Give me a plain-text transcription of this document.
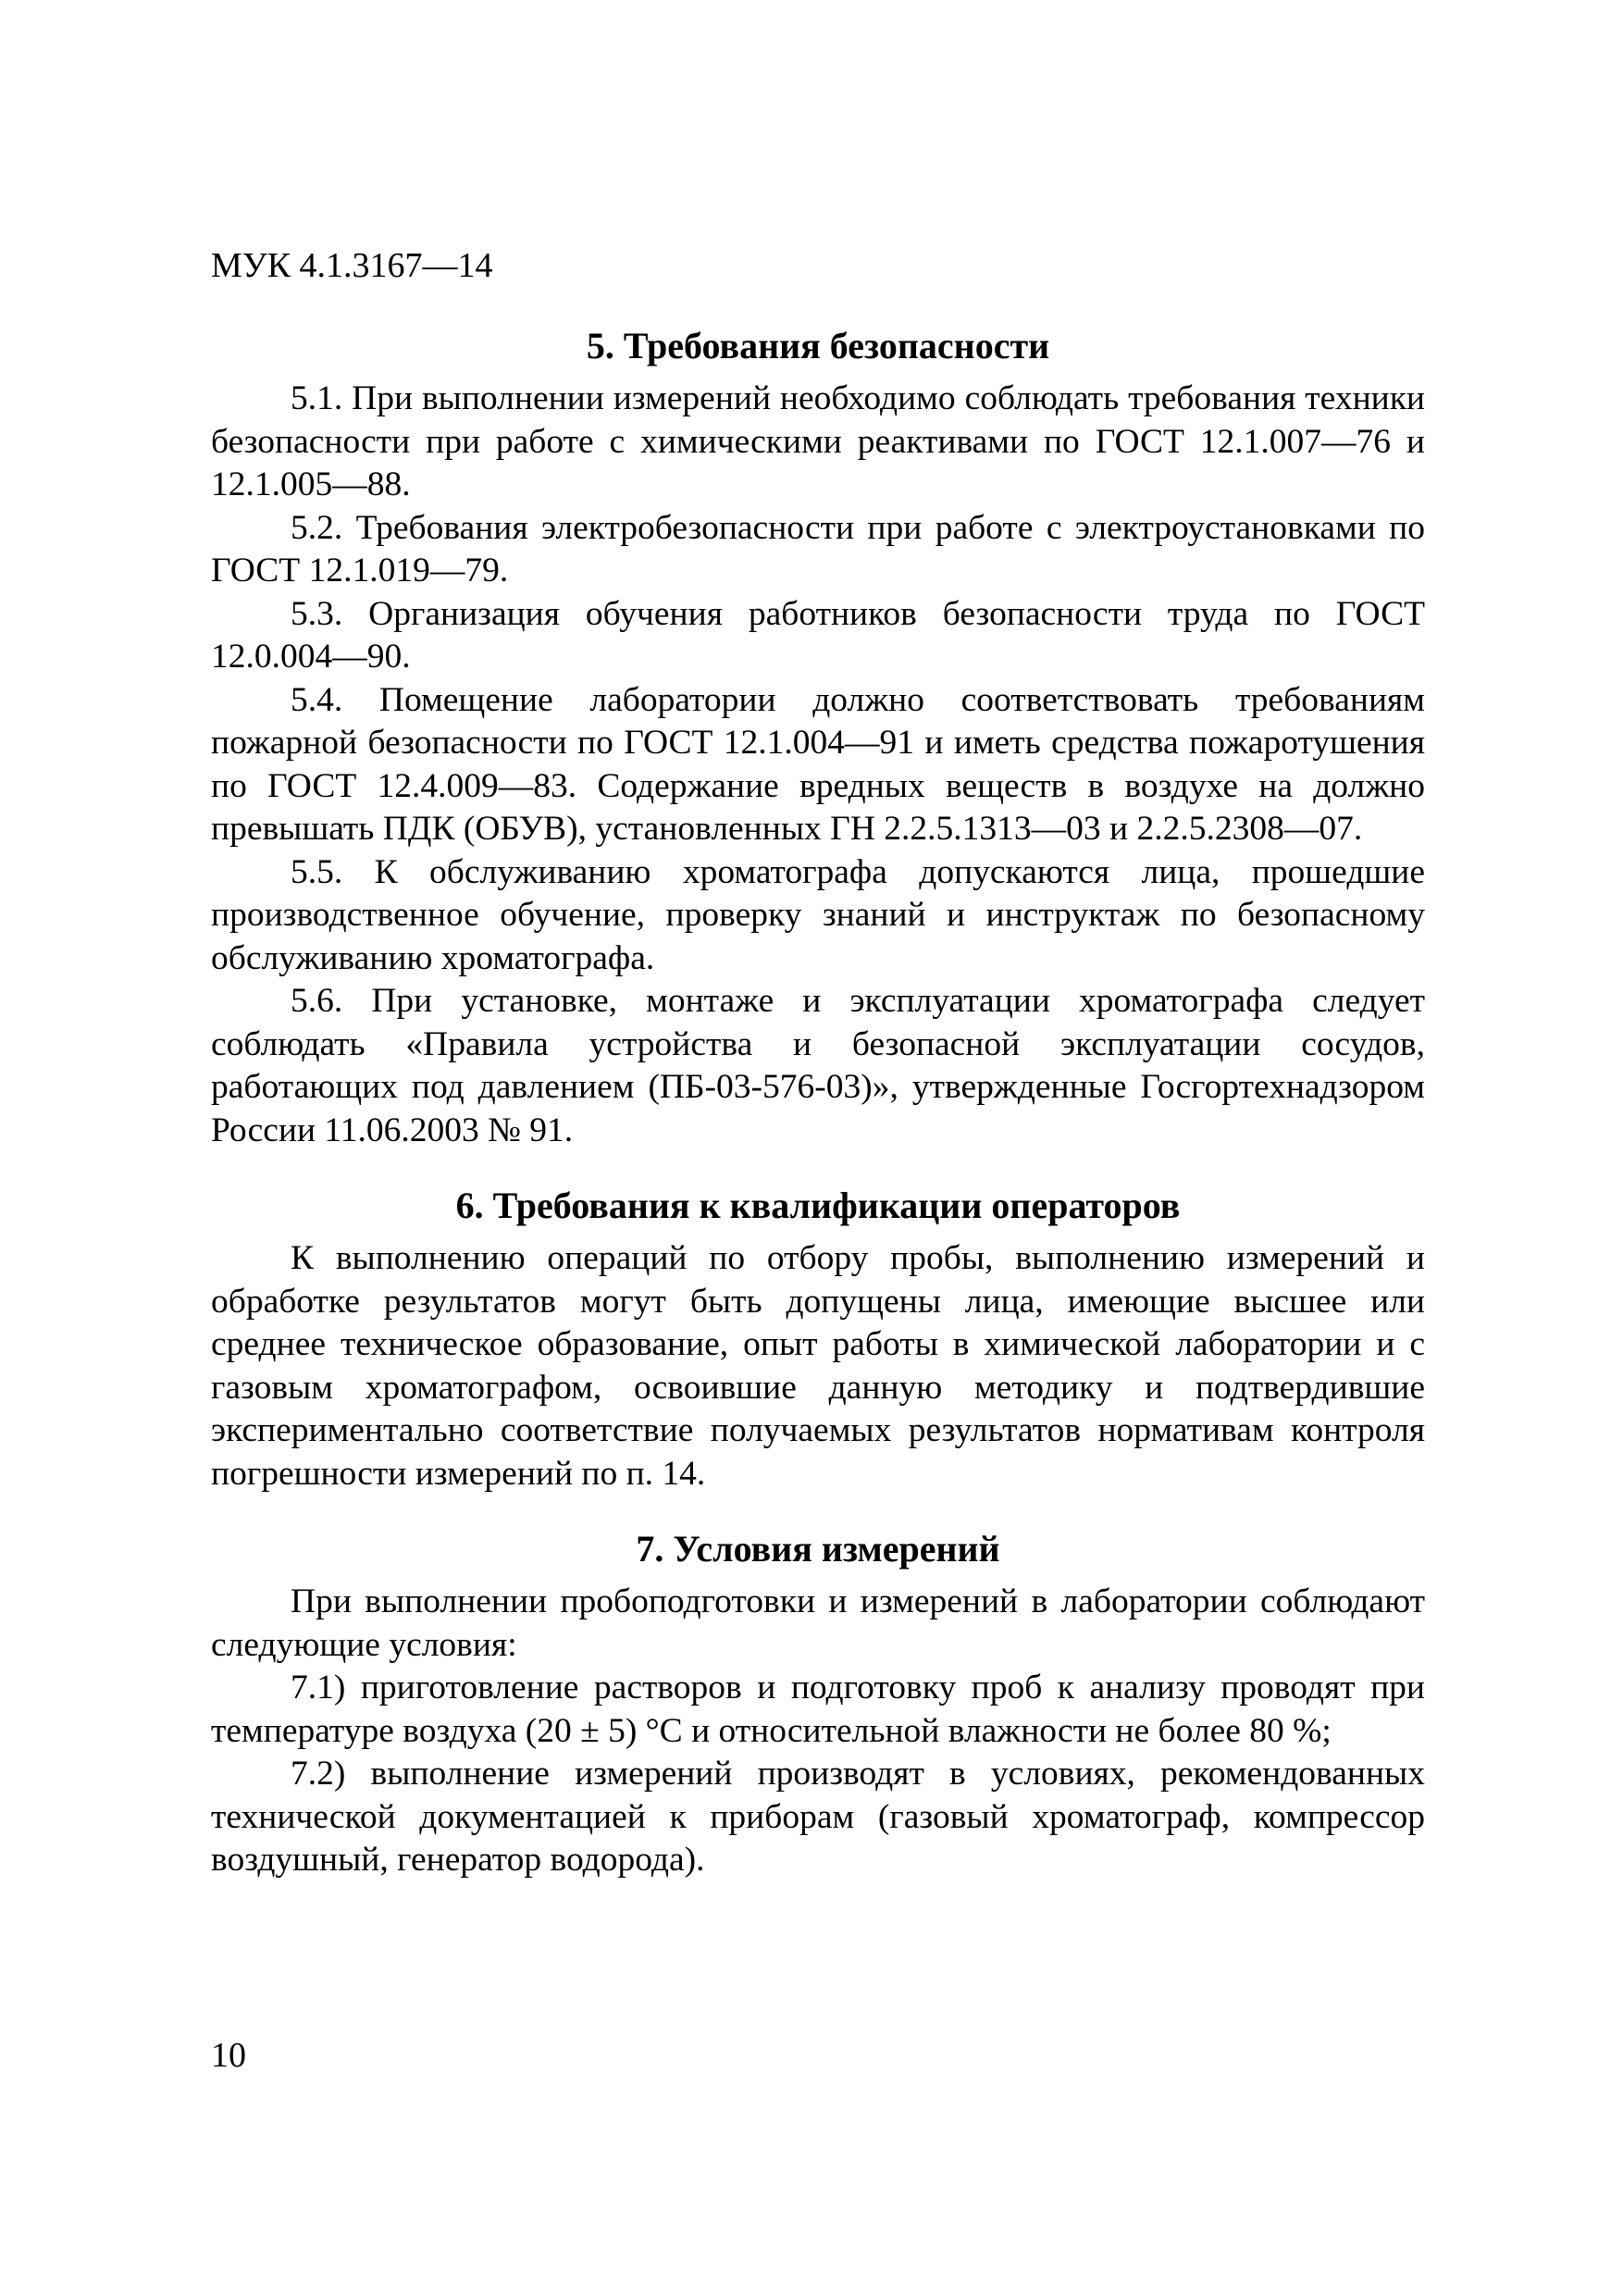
МУК 4.1.3167—14

5. Требования безопасности

5.1. При выполнении измерений необходимо соблюдать требования техники безопасности при работе с химическими реактивами по ГОСТ 12.1.007—76 и 12.1.005—88.

5.2. Требования электробезопасности при работе с электроустановками по ГОСТ 12.1.019—79.

5.3. Организация обучения работников безопасности труда по ГОСТ 12.0.004—90.

5.4. Помещение лаборатории должно соответствовать требованиям пожарной безопасности по ГОСТ 12.1.004—91 и иметь средства пожаротушения по ГОСТ 12.4.009—83. Содержание вредных веществ в воздухе на должно превышать ПДК (ОБУВ), установленных ГН 2.2.5.1313—03 и 2.2.5.2308—07.

5.5. К обслуживанию хроматографа допускаются лица, прошедшие производственное обучение, проверку знаний и инструктаж по безопасному обслуживанию хроматографа.

5.6. При установке, монтаже и эксплуатации хроматографа следует соблюдать «Правила устройства и безопасной эксплуатации сосудов, работающих под давлением (ПБ-03-576-03)», утвержденные Госгортехнадзором России 11.06.2003 № 91.

6. Требования к квалификации операторов

К выполнению операций по отбору пробы, выполнению измерений и обработке результатов могут быть допущены лица, имеющие высшее или среднее техническое образование, опыт работы в химической лаборатории и с газовым хроматографом, освоившие данную методику и подтвердившие экспериментально соответствие получаемых результатов нормативам контроля погрешности измерений по п. 14.

7. Условия измерений

При выполнении пробоподготовки и измерений в лаборатории соблюдают следующие условия:

7.1) приготовление растворов и подготовку проб к анализу проводят при температуре воздуха (20 ± 5) °С и относительной влажности не более 80 %;

7.2) выполнение измерений производят в условиях, рекомендованных технической документацией к приборам (газовый хроматограф, компрессор воздушный, генератор водорода).

10
